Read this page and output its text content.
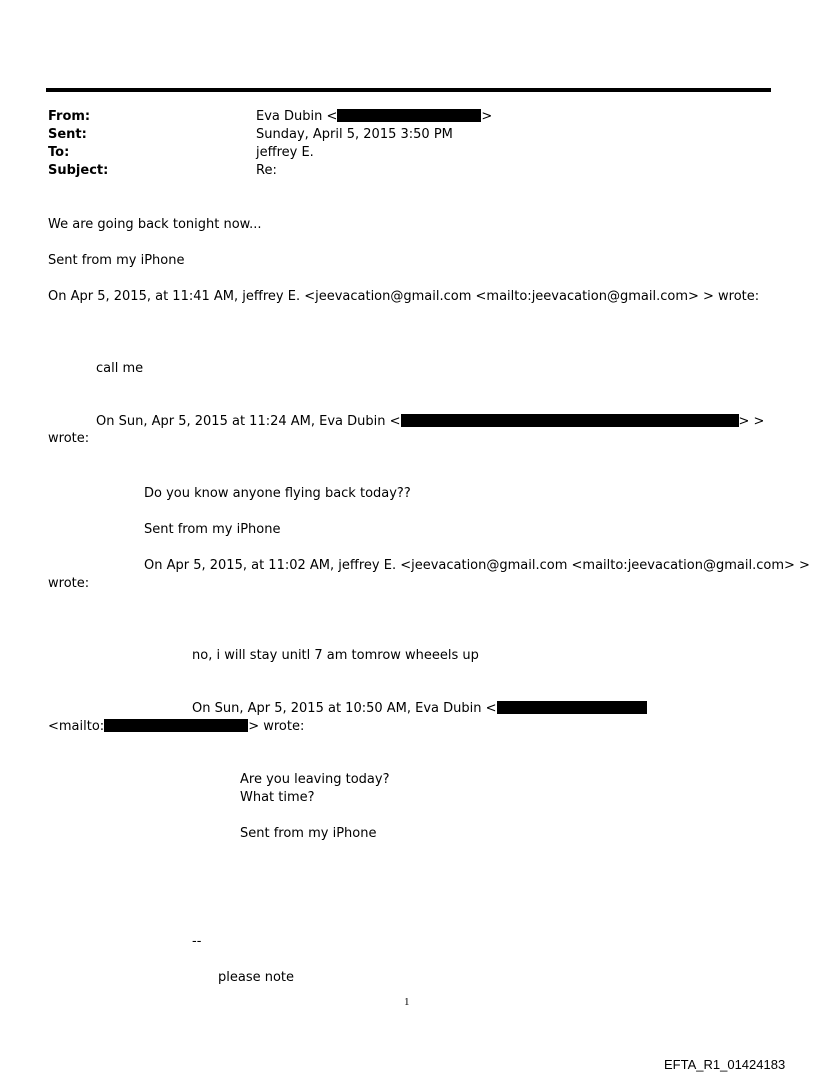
From:	Eva Dubin <	>
Sent:	Sunday, April 5, 2015 3:50 PM
To:	jeffrey E.
Subject:	Re:
We are going back tonight now...
Sent from my iPhone
On Apr 5, 2015, at 11:41 AM, jeffrey E. <jeevacation@gmail.com <mailto:jeevacation@gmail.com> > wrote:
call me
On Sun, Apr 5, 2015 at 11:24 AM, Eva Dubin <	> >
wrote:
Do you know anyone flying back today??
Sent from my iPhone
On Apr 5, 2015, at 11:02 AM, jeffrey E. <jeevacation@gmail.com <mailto:jeevacation@gmail.com> >
wrote:
no, i will stay unitl 7 am tomrow wheeels up
On Sun, Apr 5, 2015 at 10:50 AM, Eva Dubin <
<mailto:	> wrote:
Are you leaving today?
What time?
Sent from my iPhone
--
please note
1
EFTA_R1_01424183
